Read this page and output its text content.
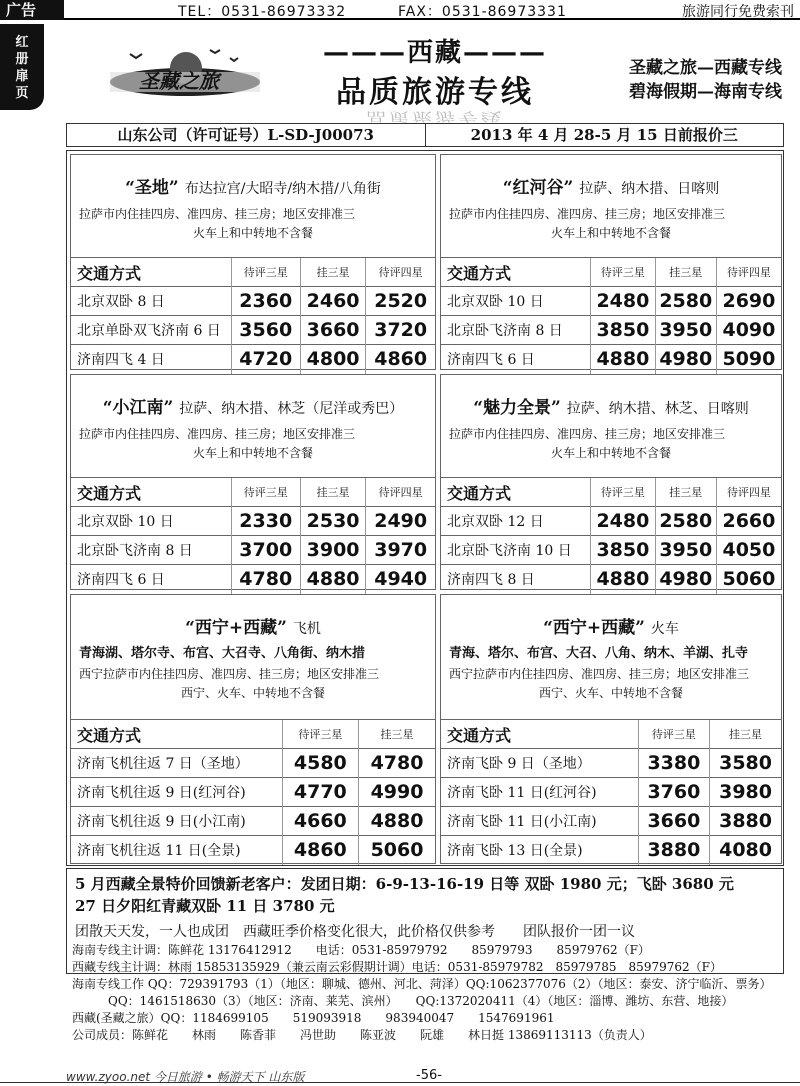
广告	TEL：0531-86973332	FAX：0531-86973331	旅游同行免费索刊
红
册
扉
页
圣藏之旅
———西藏———
品质旅游专线
品质旅游专线
圣藏之旅—西藏专线
碧海假期—海南专线
山东公司（许可证号）L-SD-J00073	2013 年 4 月 28-5 月 15 日前报价三
“圣地” 布达拉宫/大昭寺/纳木措/八角街
拉萨市内住挂四房、准四房、挂三房；地区安排准三
火车上和中转地不含餐
交通方式	待评三星	挂三星	待评四星
北京双卧 8 日	2360	2460	2520
北京单卧双飞济南 6 日	3560	3660	3720
济南四飞 4 日	4720	4800	4860
“红河谷” 拉萨、纳木措、日喀则
拉萨市内住挂四房、准四房、挂三房；地区安排准三
火车上和中转地不含餐
交通方式	待评三星	挂三星	待评四星
北京双卧 10 日	2480	2580	2690
北京卧飞济南 8 日	3850	3950	4090
济南四飞 6 日	4880	4980	5090
“小江南” 拉萨、纳木措、林芝（尼洋或秀巴）
拉萨市内住挂四房、准四房、挂三房；地区安排准三
火车上和中转地不含餐
交通方式	待评三星	挂三星	待评四星
北京双卧 10 日	2330	2530	2490
北京卧飞济南 8 日	3700	3900	3970
济南四飞 6 日	4780	4880	4940
“魅力全景” 拉萨、纳木措、林芝、日喀则
拉萨市内住挂四房、准四房、挂三房；地区安排准三
火车上和中转地不含餐
交通方式	待评三星	挂三星	待评四星
北京双卧 12 日	2480	2580	2660
北京卧飞济南 10 日	3850	3950	4050
济南四飞 8 日	4880	4980	5060
“西宁+西藏” 飞机
青海湖、塔尔寺、布宫、大召寺、八角街、纳木措
西宁拉萨市内住挂四房、准四房、挂三房；地区安排准三
西宁、火车、中转地不含餐
交通方式	待评三星	挂三星
济南飞机往返 7 日（圣地）	4580	4780
济南飞机往返 9 日(红河谷)	4770	4990
济南飞机往返 9 日(小江南)	4660	4880
济南飞机往返 11 日(全景)	4860	5060
“西宁+西藏” 火车
青海、塔尔、布宫、大召、八角、纳木、羊湖、扎寺
西宁拉萨市内住挂四房、准四房、挂三房；地区安排准三
西宁、火车、中转地不含餐
交通方式	待评三星	挂三星
济南飞卧 9 日（圣地）	3380	3580
济南飞卧 11 日(红河谷)	3760	3980
济南飞卧 11 日(小江南)	3660	3880
济南飞卧 13 日(全景)	3880	4080
5 月西藏全景特价回馈新老客户：发团日期：6-9-13-16-19 日等 双卧 1980 元；飞卧 3680 元
27 日夕阳红青藏双卧 11 日 3780 元
团散天天发，一人也成团　西藏旺季价格变化很大，此价格仅供参考　　团队报价一团一议
海南专线主计调：陈鲜花 13176412912　　电话：0531-85979792　　85979793　　85979762（F）
西藏专线主计调：林雨 15853135929（兼云南云彩假期计调）电话：0531-85979782　85979785　85979762（F）
海南专线工作 QQ：729391793（1）（地区：聊城、德州、河北、菏泽）QQ:1062377076（2）（地区：泰安、济宁临沂、票务）
　　　QQ：1461518630（3）（地区：济南、莱芜、滨州）　　QQ:1372020411（4）（地区：淄博、潍坊、东营、地接）
西藏(圣藏之旅）QQ：1184699105　　519093918　　983940047　　1547691961
公司成员：陈鲜花　　林雨　　陈香菲　　冯世助　　陈亚波　　阮雄　　林日挺 13869113113（负责人）
www.zyoo.net 今日旅游 • 畅游天下 山东版	-56-
